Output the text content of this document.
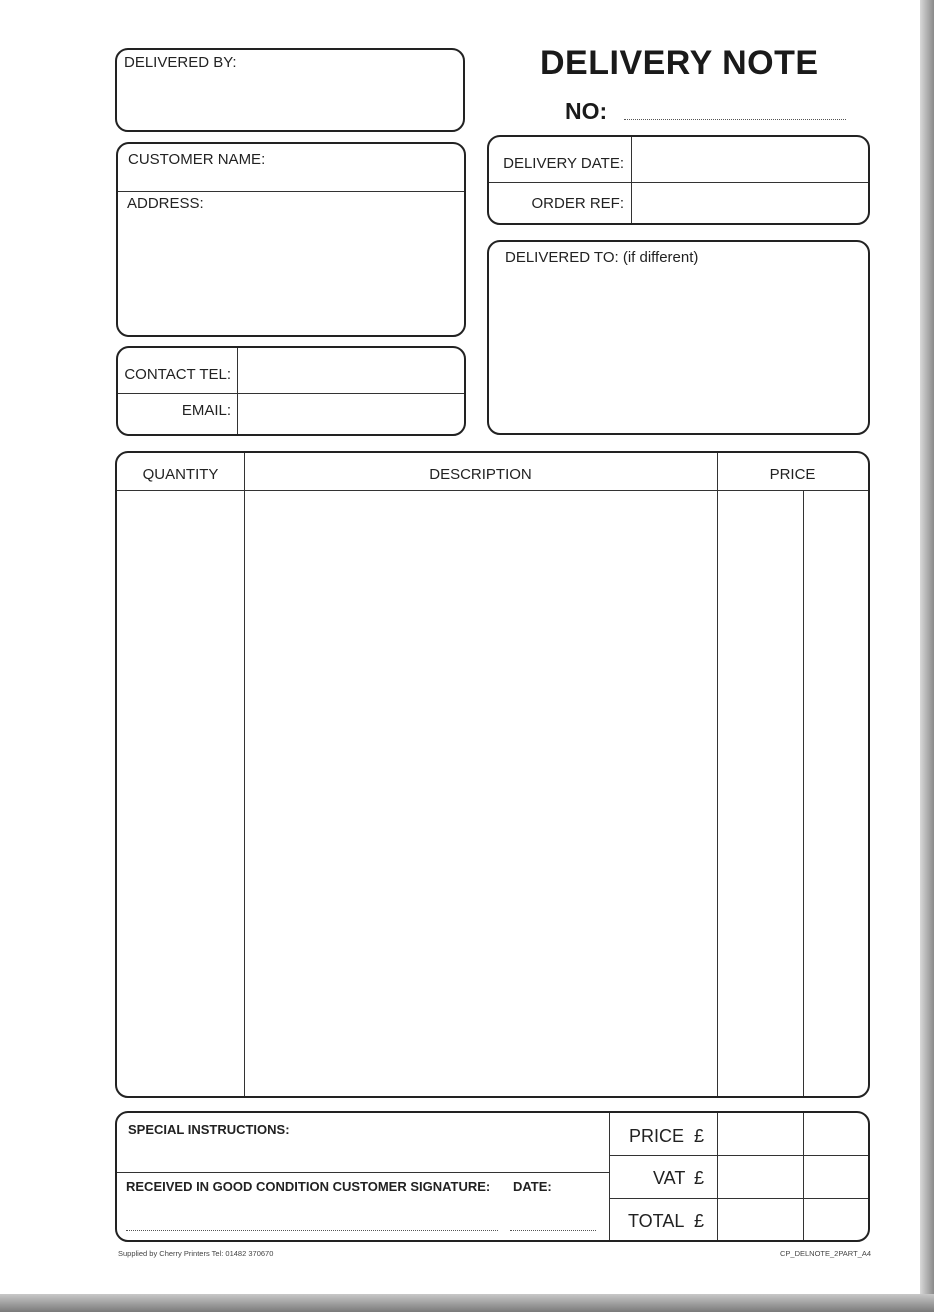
DELIVERY NOTE
NO:
DELIVERED BY:
CUSTOMER NAME:
ADDRESS:
CONTACT TEL:
EMAIL:
DELIVERY DATE:
ORDER REF:
DELIVERED TO: (if different)
QUANTITY	DESCRIPTION	PRICE
SPECIAL INSTRUCTIONS:
RECEIVED IN GOOD CONDITION CUSTOMER SIGNATURE: DATE:
PRICE £
VAT £
TOTAL £
Supplied by Cherry Printers Tel: 01482 370670	CP_DELNOTE_2PART_A4
